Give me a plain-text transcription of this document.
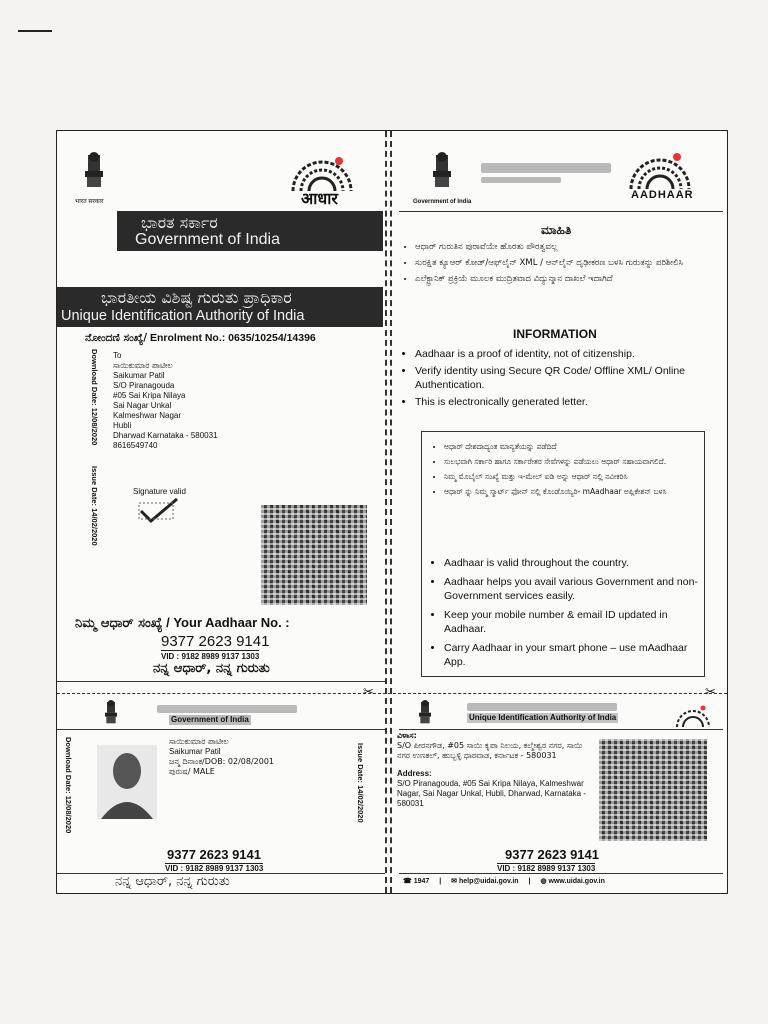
भारत सरकार	आधार
ಭಾರತ ಸರ್ಕಾರ
Government of India
ಭಾರತೀಯ ವಿಶಿಷ್ಟ ಗುರುತು ಪ್ರಾಧಿಕಾರ
Unique Identification Authority of India
ನೋಂದಣಿ ಸಂಖ್ಯೆ/ Enrolment No.: 0635/10254/14396
Download Date: 12/08/2020
Issue Date: 14/02/2020
To
ಸಾಯಿಕುಮಾರ ಪಾಟೀಲ
Saikumar Patil
S/O Piranagouda
#05 Sai Kripa Nilaya
Sai Nagar Unkal
Kalmeshwar Nagar
Hubli
Dharwad Karnataka - 580031
8616549740
Signature valid
ನಿಮ್ಮ ಆಧಾರ್ ಸಂಖ್ಯೆ / Your Aadhaar No. :
9377 2623 9141
VID : 9182 8989 9137 1303
ನನ್ನ ಆಧಾರ್, ನನ್ನ ಗುರುತು
✂	✂
Government of India
AADHAAR
ಮಾಹಿತಿ
• ಆಧಾರ್ ಗುರುತಿನ ಪುರಾವೆಯೇ ಹೊರತು ಪೌರತ್ವವಲ್ಲ
• ಸುರಕ್ಷಿತ ಕ್ಯೂಆರ್ ಕೋಡ್/ಆಫ್‌ಲೈನ್ XML / ಆನ್‌ಲೈನ್ ದೃಢೀಕರಣ ಬಳಸಿ ಗುರುತನ್ನು ಪರಿಶೀಲಿಸಿ
• ಎಲೆಕ್ಟ್ರಾನಿಕ್ ಪ್ರಕ್ರಿಯೆ ಮೂಲಕ ಮುದ್ರಿತವಾದ ವಿದ್ಯುನ್ಮಾನ ದಾಖಲೆ ಇದಾಗಿದೆ
INFORMATION
• Aadhaar is a proof of identity, not of citizenship.
• Verify identity using Secure QR Code/ Offline XML/ Online Authentication.
• This is electronically generated letter.
• ಆಧಾರ್ ದೇಶದಾದ್ಯಂತ ಮಾನ್ಯತೆಯನ್ನು ಪಡೆದಿದೆ
• ಸುಲಭವಾಗಿ ಸರ್ಕಾರಿ ಹಾಗೂ ಸರ್ಕಾರೇತರ ಸೇವೆಗಳನ್ನು ಪಡೆಯಲು ಆಧಾರ್ ಸಹಾಯವಾಗಲಿದೆ.
• ನಿಮ್ಮ ಮೊಬೈಲ್ ಸಂಖ್ಯೆ ಮತ್ತು ಇ-ಮೇಲ್ ಐಡಿ ಅನ್ನು ಆಧಾರ್ ನಲ್ಲಿ ನವೀಕರಿಸಿ
• ಆಧಾರ್ ನ್ನು ನಿಮ್ಮ ಸ್ಮಾರ್ಟ್ ಫೋನ್ ನಲ್ಲಿ ಕೊಂಡೊಯ್ಯಿರಿ- mAadhaar ಅಪ್ಲಿಕೇಶನ್ ಬಳಸಿ
• Aadhaar is valid throughout the country.
• Aadhaar helps you avail various Government and non-Government services easily.
• Keep your mobile number & email ID updated in Aadhaar.
• Carry Aadhaar in your smart phone – use mAadhaar App.
Government of India
Download Date: 12/08/2020	Issue Date: 14/02/2020
ಸಾಯಿಕುಮಾರ ಪಾಟೀಲ
Saikumar Patil
ಜನ್ಮ ದಿನಾಂಕ/DOB: 02/08/2001
ಪುರುಷ/ MALE
9377 2623 9141
VID : 9182 8989 9137 1303
ನನ್ನ ಆಧಾರ್, ನನ್ನ ಗುರುತು
Unique Identification Authority of India
ವಿಳಾಸ:
S/O ಪೀರನಗೌಡ, #05 ಸಾಯಿ ಕೃಪಾ ನಿಲಯ, ಕಲ್ಮೇಶ್ವರ ನಗರ, ಸಾಯಿ ನಗರ ಉಣಕಲ್, ಹುಬ್ಬಳ್ಳಿ ಧಾರವಾಡ, ಕರ್ನಾಟಕ - 580031
Address:
S/O Piranagouda, #05 Sai Kripa Nilaya, Kalmeshwar Nagar, Sai Nagar Unkal, Hubli, Dharwad, Karnataka - 580031
9377 2623 9141
VID : 9182 8989 9137 1303
☎ 1947 | ✉ help@uidai.gov.in | ◍ www.uidai.gov.in
